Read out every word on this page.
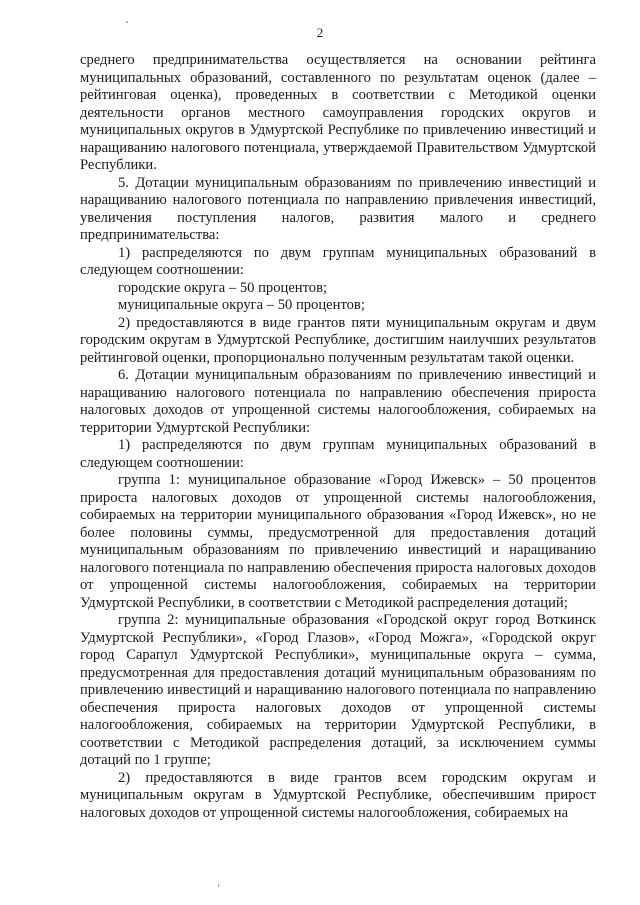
2

среднего предпринимательства осуществляется на основании рейтинга муниципальных образований, составленного по результатам оценок (далее – рейтинговая оценка), проведенных в соответствии с Методикой оценки деятельности органов местного самоуправления городских округов и муниципальных округов в Удмуртской Республике по привлечению инвестиций и наращиванию налогового потенциала, утверждаемой Правительством Удмуртской Республики.

5. Дотации муниципальным образованиям по привлечению инвестиций и наращиванию налогового потенциала по направлению привлечения инвестиций, увеличения поступления налогов, развития малого и среднего предпринимательства:

1) распределяются по двум группам муниципальных образований в следующем соотношении:

городские округа – 50 процентов;

муниципальные округа – 50 процентов;

2) предоставляются в виде грантов пяти муниципальным округам и двум городским округам в Удмуртской Республике, достигшим наилучших результатов рейтинговой оценки, пропорционально полученным результатам такой оценки.

6. Дотации муниципальным образованиям по привлечению инвестиций и наращиванию налогового потенциала по направлению обеспечения прироста налоговых доходов от упрощенной системы налогообложения, собираемых на территории Удмуртской Республики:

1) распределяются по двум группам муниципальных образований в следующем соотношении:

группа 1: муниципальное образование «Город Ижевск» – 50 процентов прироста налоговых доходов от упрощенной системы налогообложения, собираемых на территории муниципального образования «Город Ижевск», но не более половины суммы, предусмотренной для предоставления дотаций муниципальным образованиям по привлечению инвестиций и наращиванию налогового потенциала по направлению обеспечения прироста налоговых доходов от упрощенной системы налогообложения, собираемых на территории Удмуртской Республики, в соответствии с Методикой распределения дотаций;

группа 2: муниципальные образования «Городской округ город Воткинск Удмуртской Республики», «Город Глазов», «Город Можга», «Городской округ город Сарапул Удмуртской Республики», муниципальные округа – сумма, предусмотренная для предоставления дотаций муниципальным образованиям по привлечению инвестиций и наращиванию налогового потенциала по направлению обеспечения прироста налоговых доходов от упрощенной системы налогообложения, собираемых на территории Удмуртской Республики, в соответствии с Методикой распределения дотаций, за исключением суммы дотаций по 1 группе;

2) предоставляются в виде грантов всем городским округам и муниципальным округам в Удмуртской Республике, обеспечившим прирост налоговых доходов от упрощенной системы налогообложения, собираемых на
